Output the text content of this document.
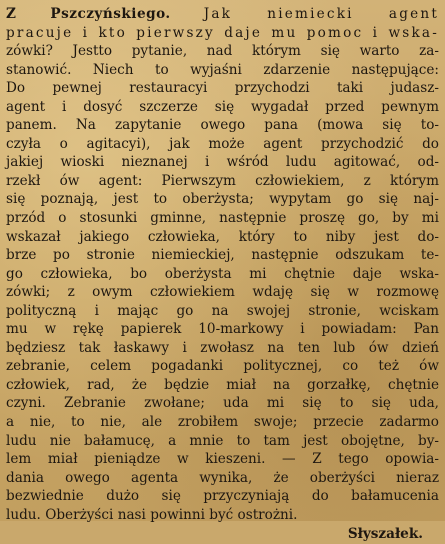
Z Pszczyńskiego. Jak niemiecki agent
pracuje i kto pierwszy daje mu pomoc i wska-
zówki? Jestto pytanie, nad którym się warto za-
stanowić. Niech to wyjaśni zdarzenie następujące:
Do pewnej restauracyi przychodzi taki judasz-
agent i dosyć szczerze się wygadał przed pewnym
panem. Na zapytanie owego pana (mowa się to-
czyła o agitacyi), jak może agent przychodzić do
jakiej wioski nieznanej i wśród ludu agitować, od-
rzekł ów agent: Pierwszym człowiekiem, z którym
się poznają, jest to oberżysta; wypytam go się naj-
przód o stosunki gminne, następnie proszę go, by mi
wskazał jakiego człowieka, który to niby jest do-
brze po stronie niemieckiej, następnie odszukam te-
go człowieka, bo oberżysta mi chętnie daje wska-
zówki; z owym człowiekiem wdaję się w rozmowę
polityczną i mając go na swojej stronie, wciskam
mu w rękę papierek 10-markowy i powiadam: Pan
będziesz tak łaskawy i zwołasz na ten lub ów dzień
zebranie, celem pogadanki politycznej, co też ów
człowiek, rad, że będzie miał na gorzałkę, chętnie
czyni. Zebranie zwołane; uda mi się to się uda,
a nie, to nie, ale zrobiłem swoje; przecie zadarmo
ludu nie bałamucę, a mnie to tam jest obojętne, by-
lem miał pieniądze w kieszeni. — Z tego opowia-
dania owego agenta wynika, że oberżyści nieraz
bezwiednie dużo się przyczyniają do bałamucenia
ludu. Oberżyści nasi powinni być ostrożni.
Słyszałek.
